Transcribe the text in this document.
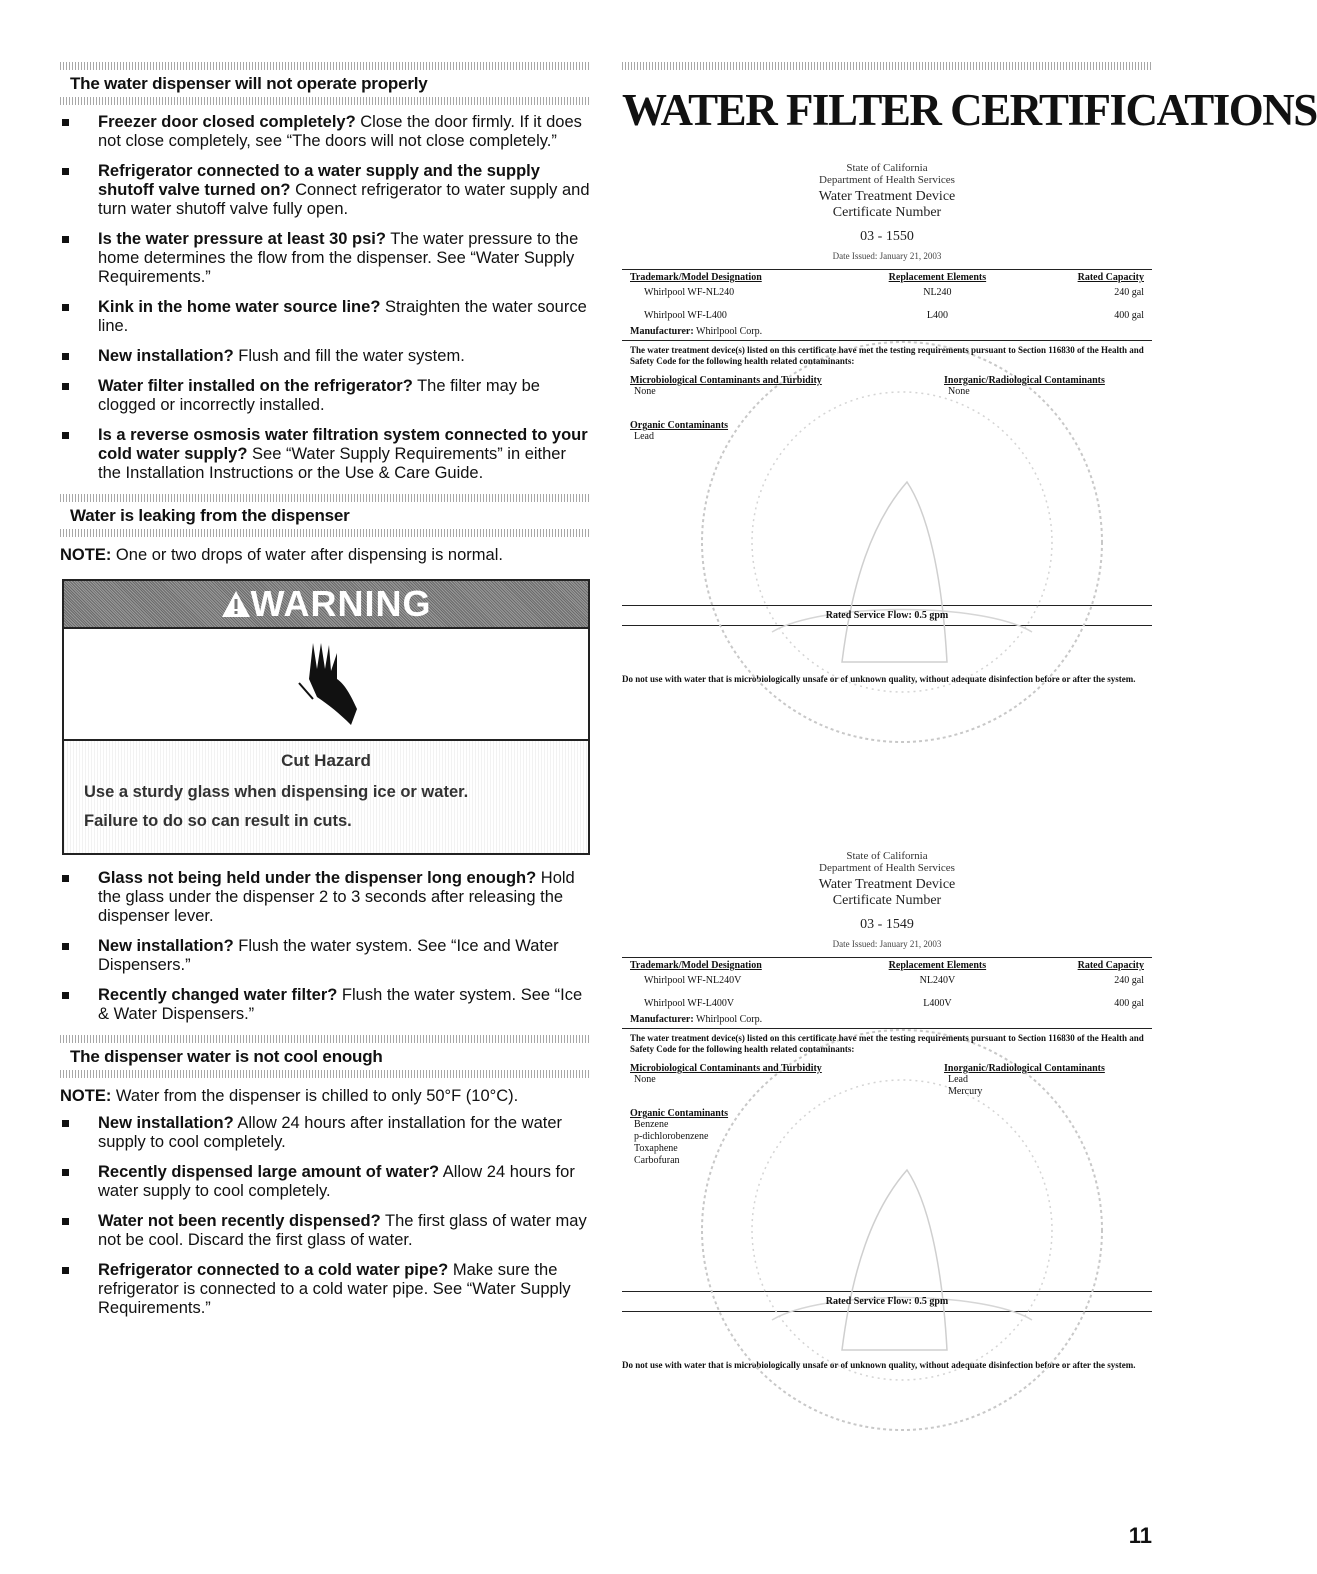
The water dispenser will not operate properly
Freezer door closed completely? Close the door firmly. If it does not close completely, see “The doors will not close completely.”
Refrigerator connected to a water supply and the supply shutoff valve turned on? Connect refrigerator to water supply and turn water shutoff valve fully open.
Is the water pressure at least 30 psi? The water pressure to the home determines the flow from the dispenser. See “Water Supply Requirements.”
Kink in the home water source line? Straighten the water source line.
New installation? Flush and fill the water system.
Water filter installed on the refrigerator? The filter may be clogged or incorrectly installed.
Is a reverse osmosis water filtration system connected to your cold water supply? See “Water Supply Requirements” in either the Installation Instructions or the Use & Care Guide.
Water is leaking from the dispenser
NOTE: One or two drops of water after dispensing is normal.
WARNING
Cut Hazard

Use a sturdy glass when dispensing ice or water.

Failure to do so can result in cuts.

Glass not being held under the dispenser long enough? Hold the glass under the dispenser 2 to 3 seconds after releasing the dispenser lever.
New installation? Flush the water system. See “Ice and Water Dispensers.”
Recently changed water filter? Flush the water system. See “Ice & Water Dispensers.”
The dispenser water is not cool enough
NOTE: Water from the dispenser is chilled to only 50°F (10°C).
New installation? Allow 24 hours after installation for the water supply to cool completely.
Recently dispensed large amount of water? Allow 24 hours for water supply to cool completely.
Water not been recently dispensed? The first glass of water may not be cool. Discard the first glass of water.
Refrigerator connected to a cold water pipe? Make sure the refrigerator is connected to a cold water pipe. See “Water Supply Requirements.”
WATER FILTER CERTIFICATIONS
State of California
Department of Health Services
Water Treatment Device
Certificate Number
03 - 1550
Date Issued: January 21, 2003
Trademark/Model Designation	Replacement Elements	Rated Capacity
Whirlpool WF-NL240	NL240	240 gal
Whirlpool WF-L400	L400	400 gal
Manufacturer: Whirlpool Corp.
The water treatment device(s) listed on this certificate have met the testing requirements pursuant to Section 116830 of the Health and Safety Code for the following health related contaminants:
Microbiological Contaminants and Turbidity
None
Organic Contaminants
Lead
Inorganic/Radiological Contaminants
None
Rated Service Flow: 0.5 gpm
Do not use with water that is microbiologically unsafe or of unknown quality, without adequate disinfection before or after the system.
State of California
Department of Health Services
Water Treatment Device
Certificate Number
03 - 1549
Date Issued: January 21, 2003
Trademark/Model Designation	Replacement Elements	Rated Capacity
Whirlpool WF-NL240V	NL240V	240 gal
Whirlpool WF-L400V	L400V	400 gal
Manufacturer: Whirlpool Corp.
The water treatment device(s) listed on this certificate have met the testing requirements pursuant to Section 116830 of the Health and Safety Code for the following health related contaminants:
Microbiological Contaminants and Turbidity
None
Organic Contaminants
Benzene
p-dichlorobenzene
Toxaphene
Carbofuran
Inorganic/Radiological Contaminants
Lead
Mercury
Rated Service Flow: 0.5 gpm
Do not use with water that is microbiologically unsafe or of unknown quality, without adequate disinfection before or after the system.
11
